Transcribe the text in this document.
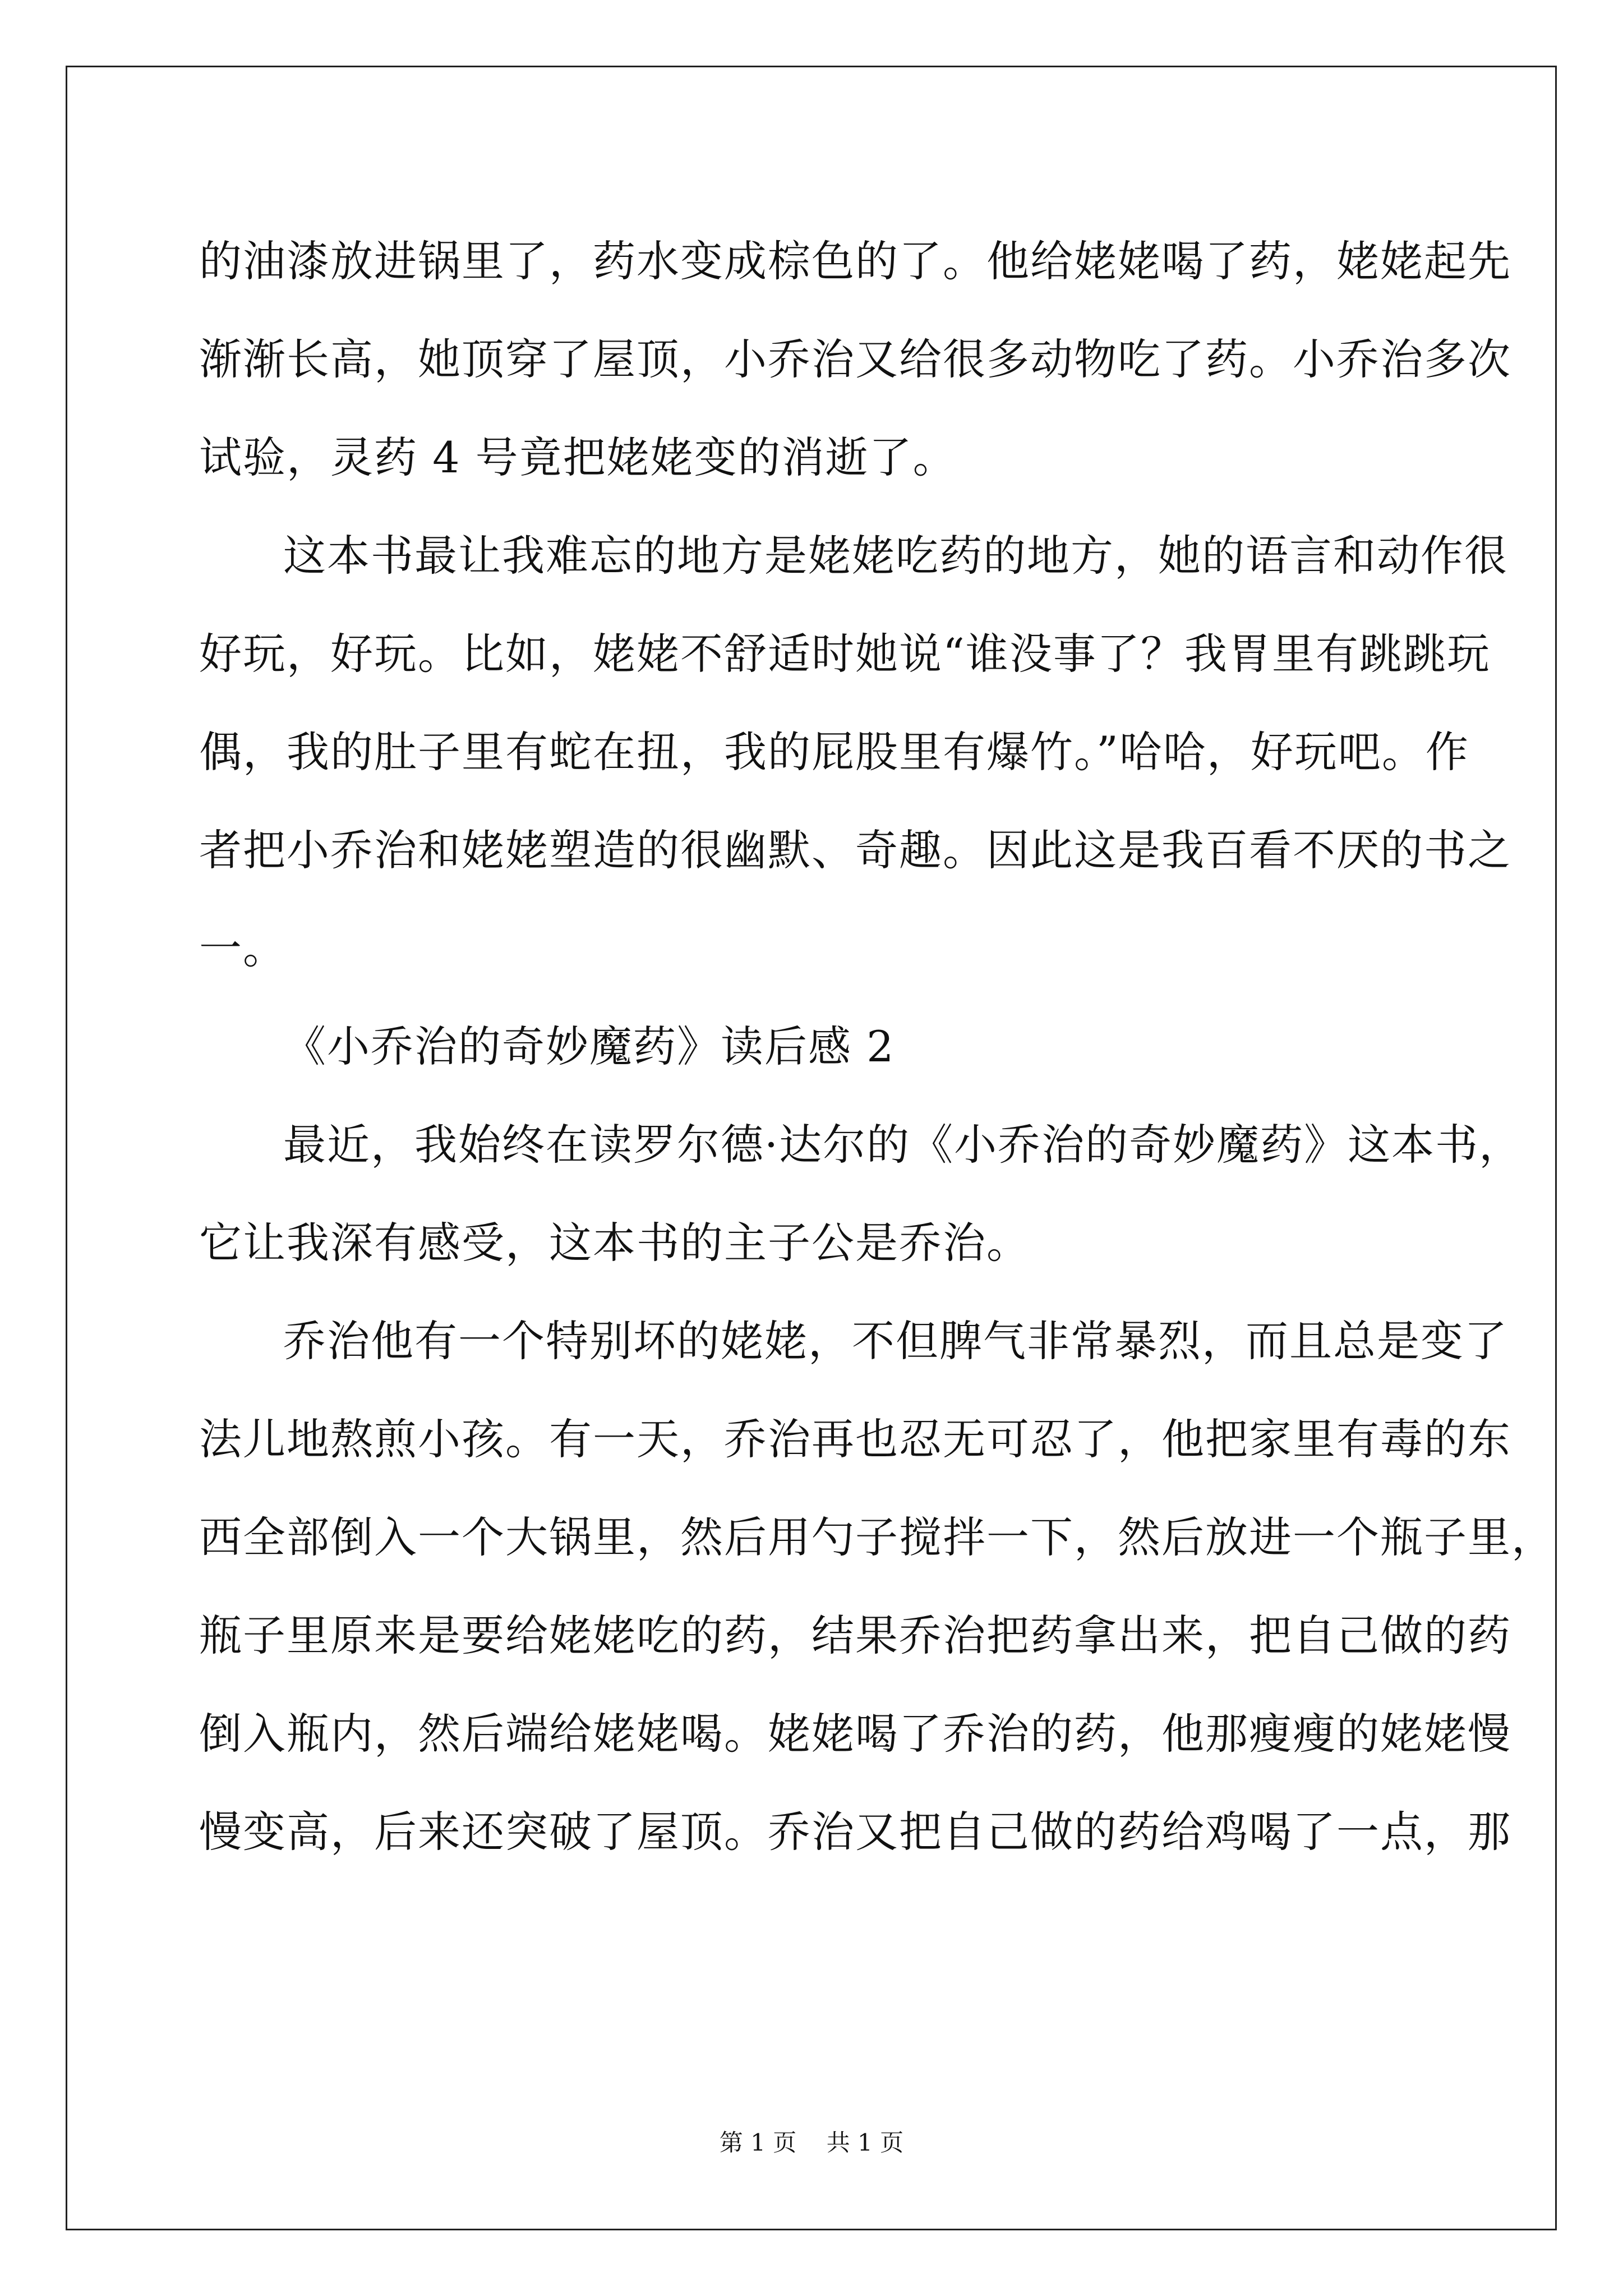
的油漆放进锅里了，药水变成棕色的了。他给姥姥喝了药，姥姥起先
渐渐长高，她顶穿了屋顶，小乔治又给很多动物吃了药。小乔治多次
试验，灵药 4 号竟把姥姥变的消逝了。
这本书最让我难忘的地方是姥姥吃药的地方，她的语言和动作很
好玩，好玩。比如，姥姥不舒适时她说“谁没事了？我胃里有跳跳玩
偶，我的肚子里有蛇在扭，我的屁股里有爆竹。”哈哈，好玩吧。作
者把小乔治和姥姥塑造的很幽默、奇趣。因此这是我百看不厌的书之
一。
《小乔治的奇妙魔药》读后感 2
最近，我始终在读罗尔德·达尔的《小乔治的奇妙魔药》这本书，
它让我深有感受，这本书的主子公是乔治。
乔治他有一个特别坏的姥姥，不但脾气非常暴烈，而且总是变了
法儿地熬煎小孩。有一天，乔治再也忍无可忍了，他把家里有毒的东
西全部倒入一个大锅里，然后用勺子搅拌一下，然后放进一个瓶子里，
瓶子里原来是要给姥姥吃的药，结果乔治把药拿出来，把自己做的药
倒入瓶内，然后端给姥姥喝。姥姥喝了乔治的药，他那瘦瘦的姥姥慢
慢变高，后来还突破了屋顶。乔治又把自己做的药给鸡喝了一点，那
第 1 页    共 1 页
